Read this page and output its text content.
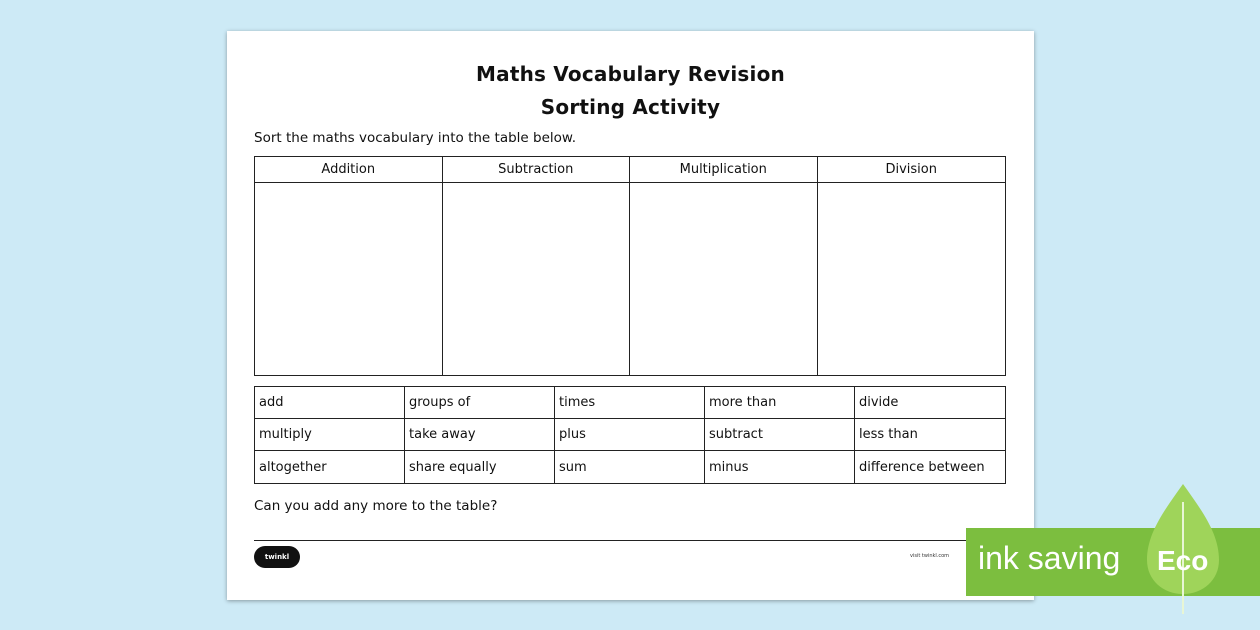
Maths Vocabulary Revision
Sorting Activity
Sort the maths vocabulary into the table below.
Addition	Subtraction	Multiplication	Division
add	groups of	times	more than	divide
multiply	take away	plus	subtract	less than
altogether	share equally	sum	minus	difference between
Can you add any more to the table?
twinkl	visit twinkl.com ink saving Eco
